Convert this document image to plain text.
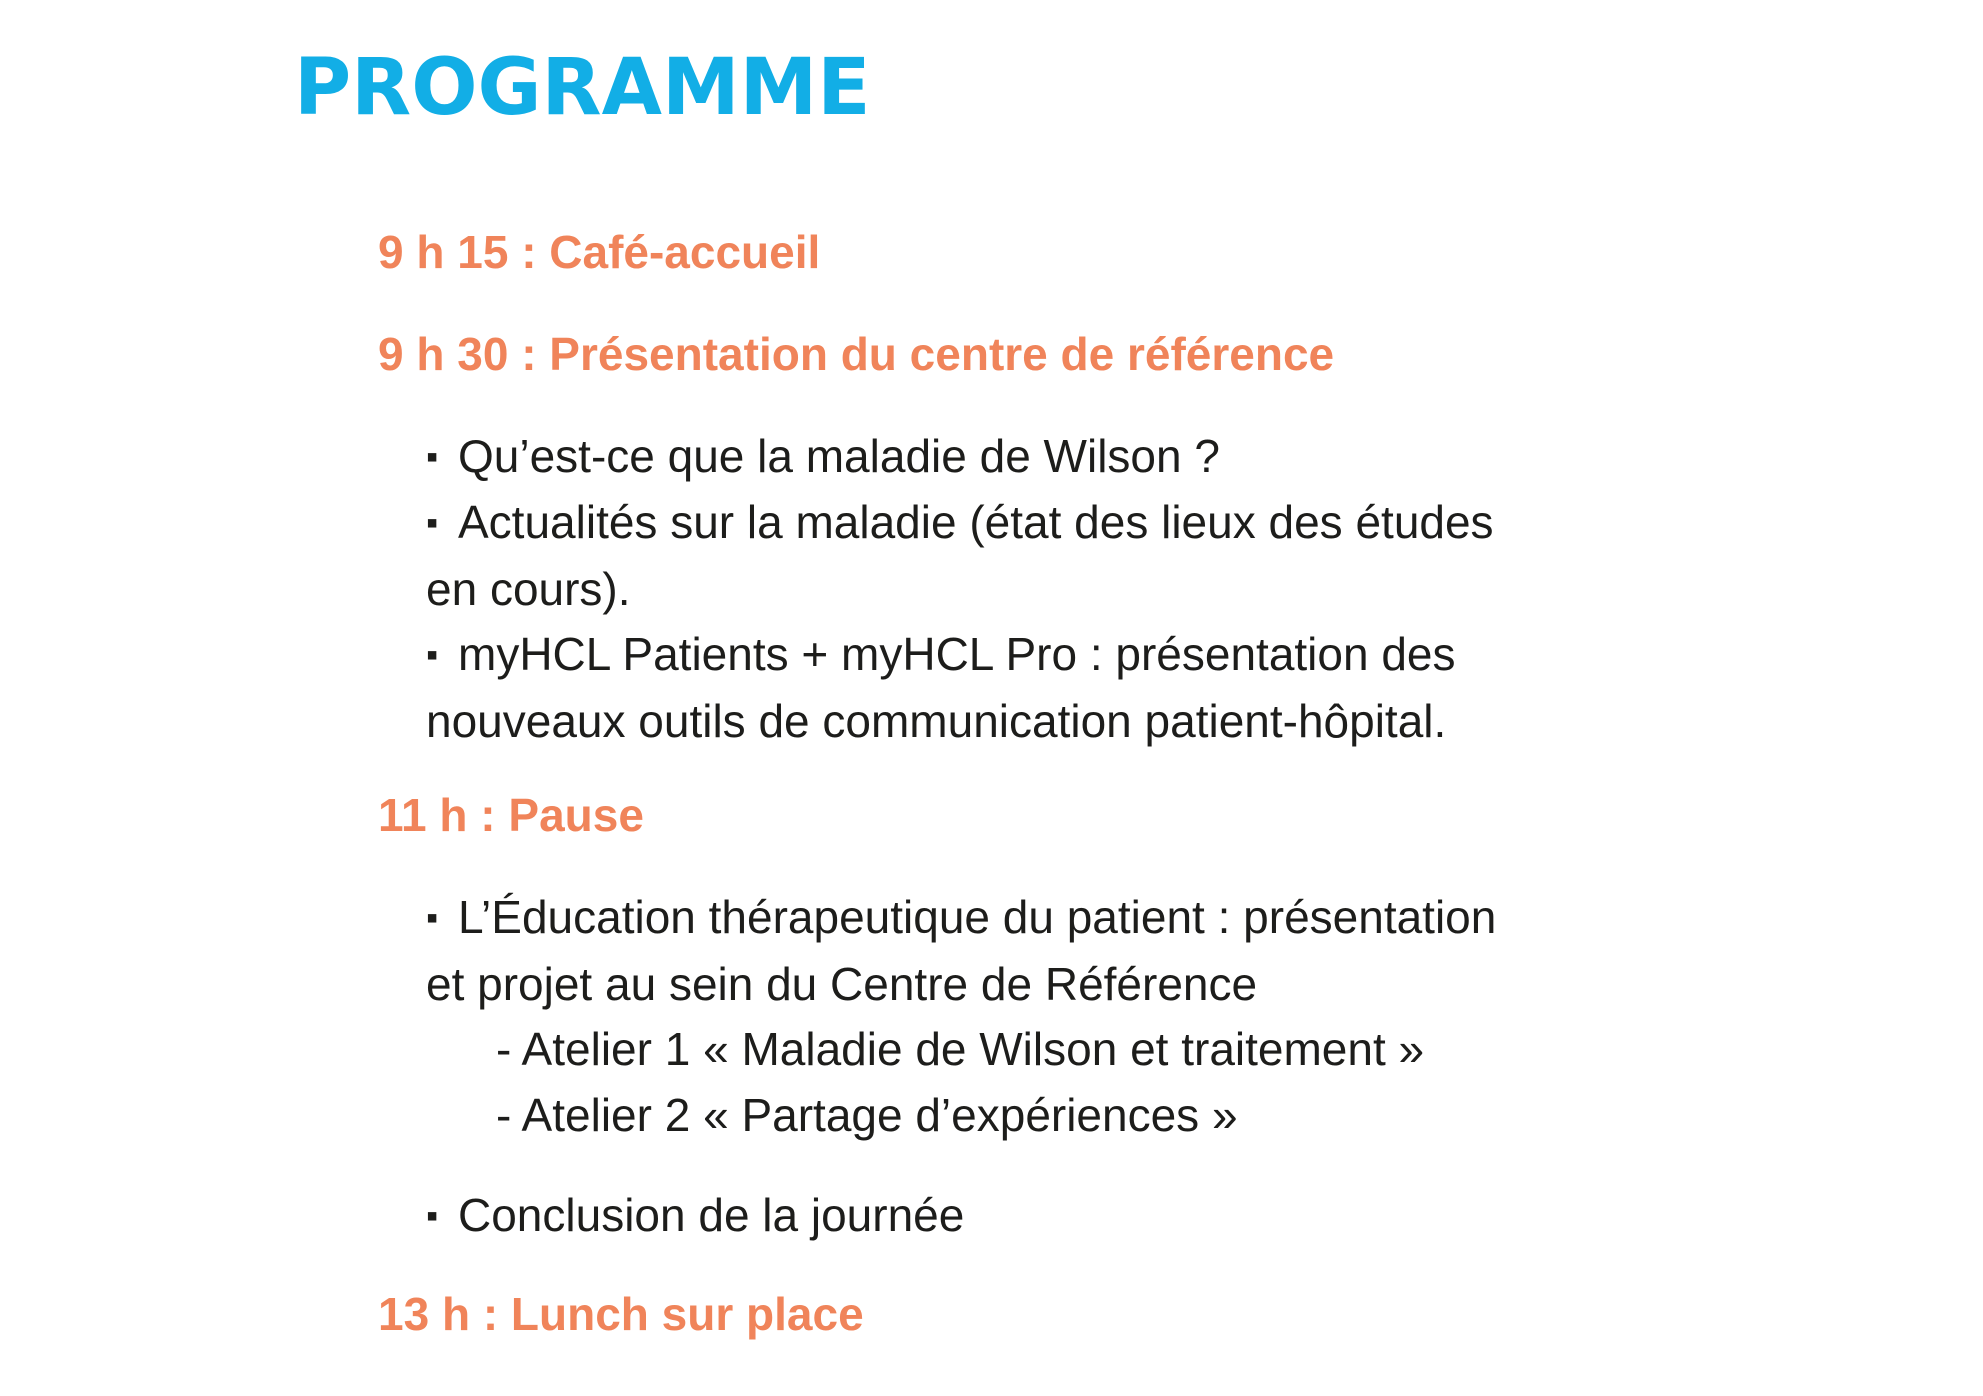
PROGRAMME

9 h 15 : Café-accueil

9 h 30 : Présentation du centre de référence

▪ Qu’est-ce que la maladie de Wilson ?

▪ Actualités sur la maladie (état des lieux des études
en cours).

▪ myHCL Patients + myHCL Pro : présentation des
nouveaux outils de communication patient-hôpital.

11 h : Pause

▪ L’Éducation thérapeutique du patient : présentation
et projet au sein du Centre de Référence

- Atelier 1 « Maladie de Wilson et traitement »

- Atelier 2 « Partage d’expériences »

▪ Conclusion de la journée

13 h : Lunch sur place
